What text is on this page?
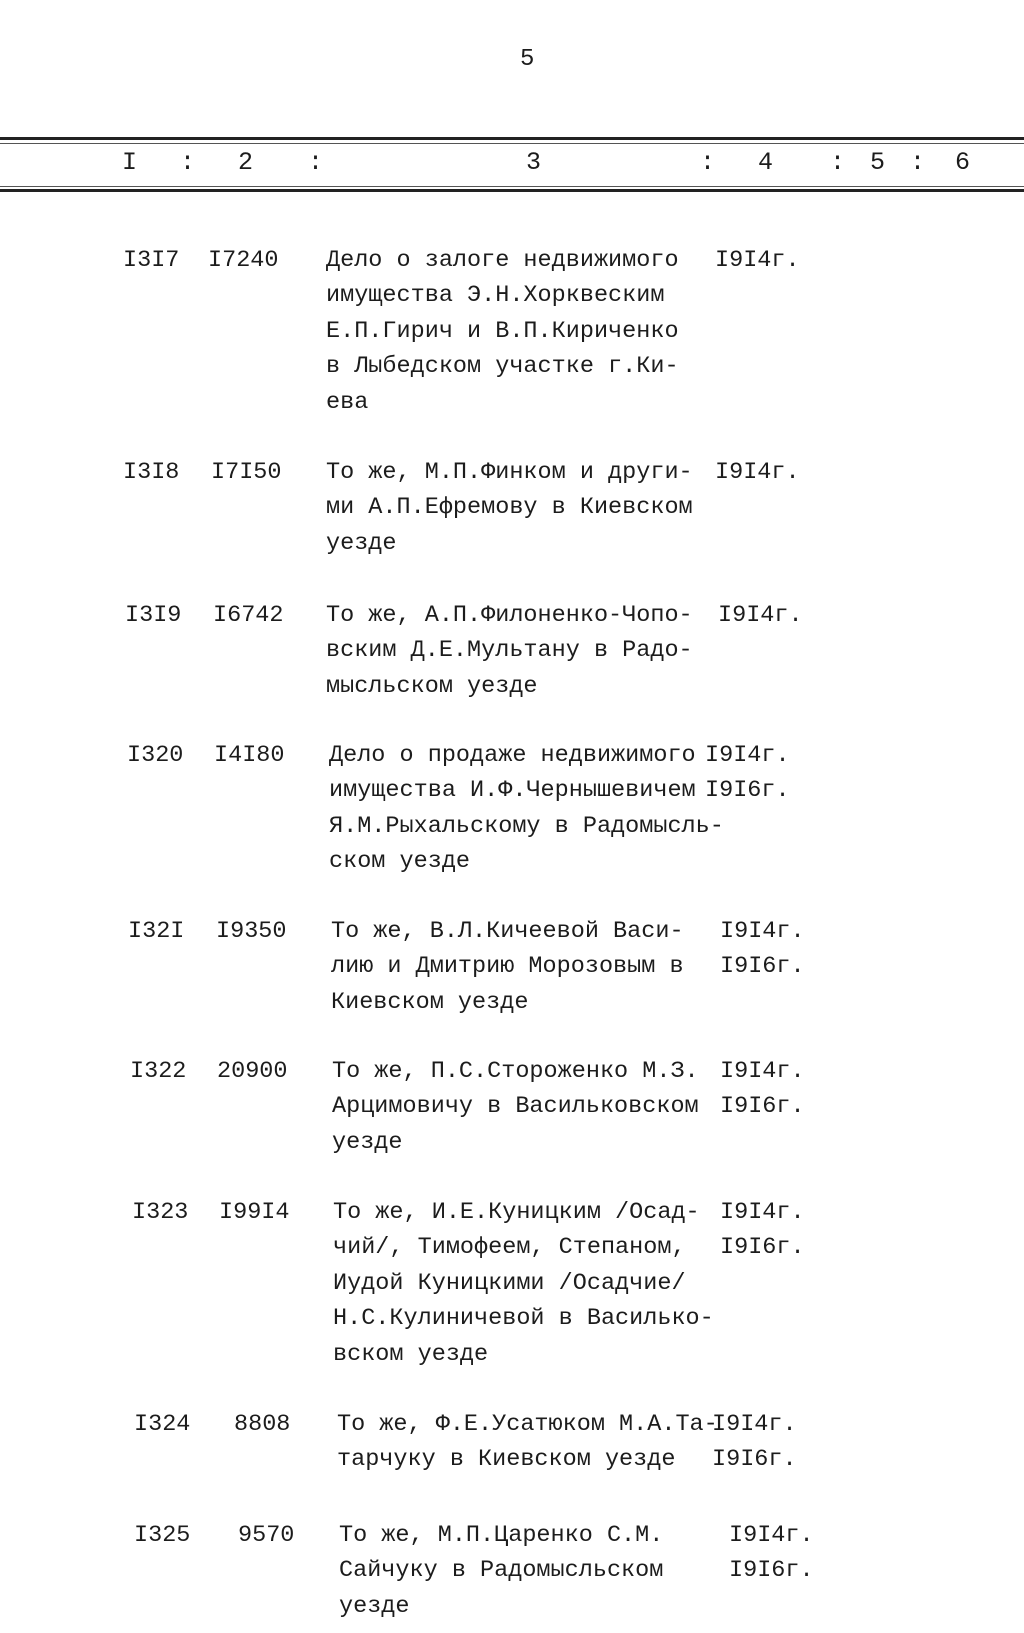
5
I : 2 :	3	: 4 : 5 : 6
I3I7 I7240 Дело о залоге недвижимого
имущества Э.Н.Хорквеским
Е.П.Гирич и В.П.Кириченко
в Лыбедском участке г.Ки-
ева
I9I4г.
I3I8 I7I50 То же, М.П.Финком и други-
ми А.П.Ефремову в Киевском
уезде
I9I4г.
I3I9 I6742 То же, А.П.Филоненко-Чопо-
вским Д.Е.Мультану в Радо-
мысльском уезде
I9I4г.
I320 I4I80 Дело о продаже недвижимого
имущества И.Ф.Чернышевичем
Я.М.Рыхальскому в Радомысль-
ском уезде
I9I4г.
I9I6г.
I32I I9350 То же, В.Л.Кичеевой Васи-
лию и Дмитрию Морозовым в
Киевском уезде
I9I4г.
I9I6г.
I322 20900 То же, П.С.Стороженко М.З.
Арцимовичу в Васильковском
уезде
I9I4г.
I9I6г.
I323 I99I4 То же, И.Е.Куницким /Осад-
чий/, Тимофеем, Степаном,
Иудой Куницкими /Осадчие/
Н.С.Кулиничевой в Василько-
вском уезде
I9I4г.
I9I6г.
I324 8808 То же, Ф.Е.Усатюком М.А.Та-
тарчуку в Киевском уезде
I9I4г.
I9I6г.
I325 9570 То же, М.П.Царенко С.М.
Сайчуку в Радомысльском
уезде
I9I4г.
I9I6г.
